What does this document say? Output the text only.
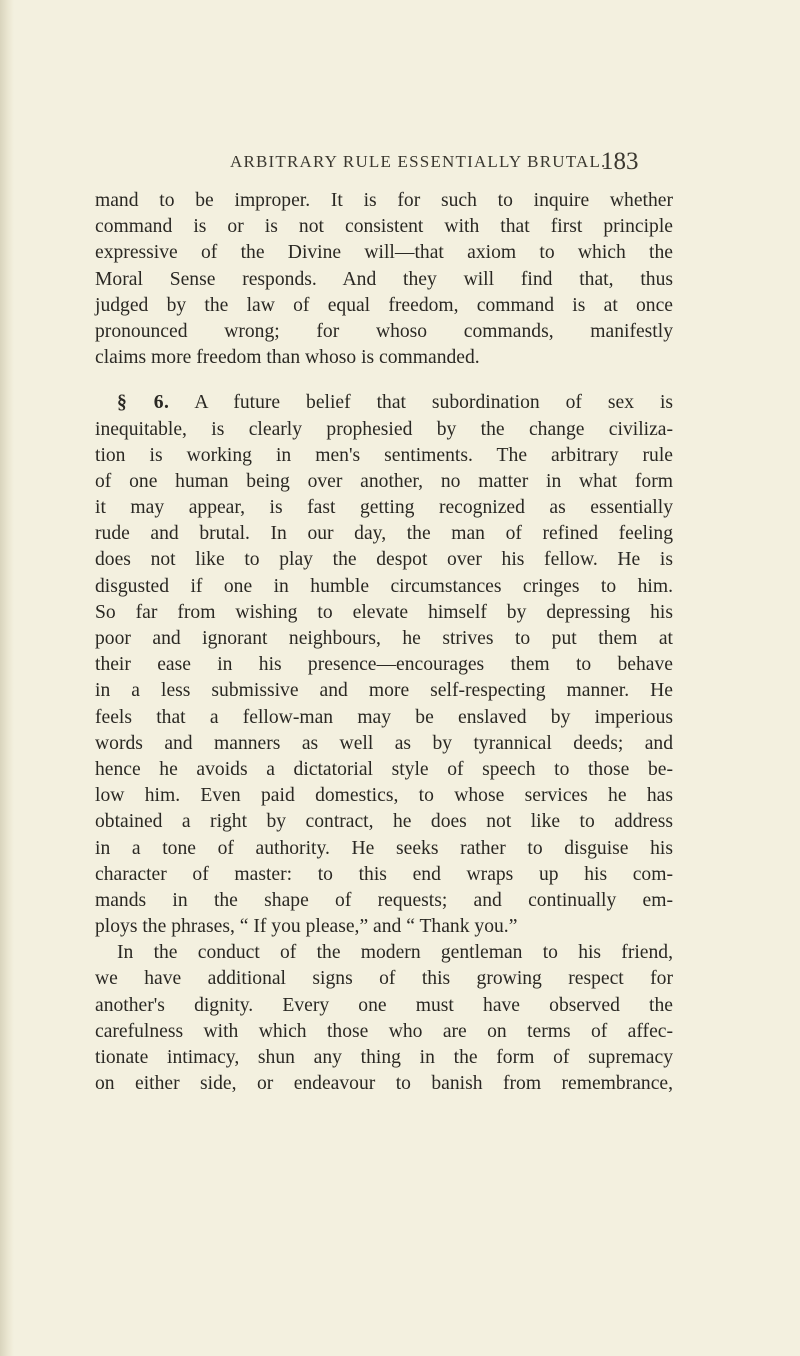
ARBITRARY RULE ESSENTIALLY BRUTAL.
183
mand to be improper. It is for such to inquire whether
command is or is not consistent with that first principle
expressive of the Divine will—that axiom to which the
Moral Sense responds. And they will find that, thus
judged by the law of equal freedom, command is at once
pronounced wrong; for whoso commands, manifestly
claims more freedom than whoso is commanded.
§ 6. A future belief that subordination of sex is
inequitable, is clearly prophesied by the change civiliza-
tion is working in men's sentiments. The arbitrary rule
of one human being over another, no matter in what form
it may appear, is fast getting recognized as essentially
rude and brutal. In our day, the man of refined feeling
does not like to play the despot over his fellow. He is
disgusted if one in humble circumstances cringes to him.
So far from wishing to elevate himself by depressing his
poor and ignorant neighbours, he strives to put them at
their ease in his presence—encourages them to behave
in a less submissive and more self-respecting manner. He
feels that a fellow-man may be enslaved by imperious
words and manners as well as by tyrannical deeds; and
hence he avoids a dictatorial style of speech to those be-
low him. Even paid domestics, to whose services he has
obtained a right by contract, he does not like to address
in a tone of authority. He seeks rather to disguise his
character of master: to this end wraps up his com-
mands in the shape of requests; and continually em-
ploys the phrases, “ If you please,” and “ Thank you.”
In the conduct of the modern gentleman to his friend,
we have additional signs of this growing respect for
another's dignity. Every one must have observed the
carefulness with which those who are on terms of affec-
tionate intimacy, shun any thing in the form of supremacy
on either side, or endeavour to banish from remembrance,
